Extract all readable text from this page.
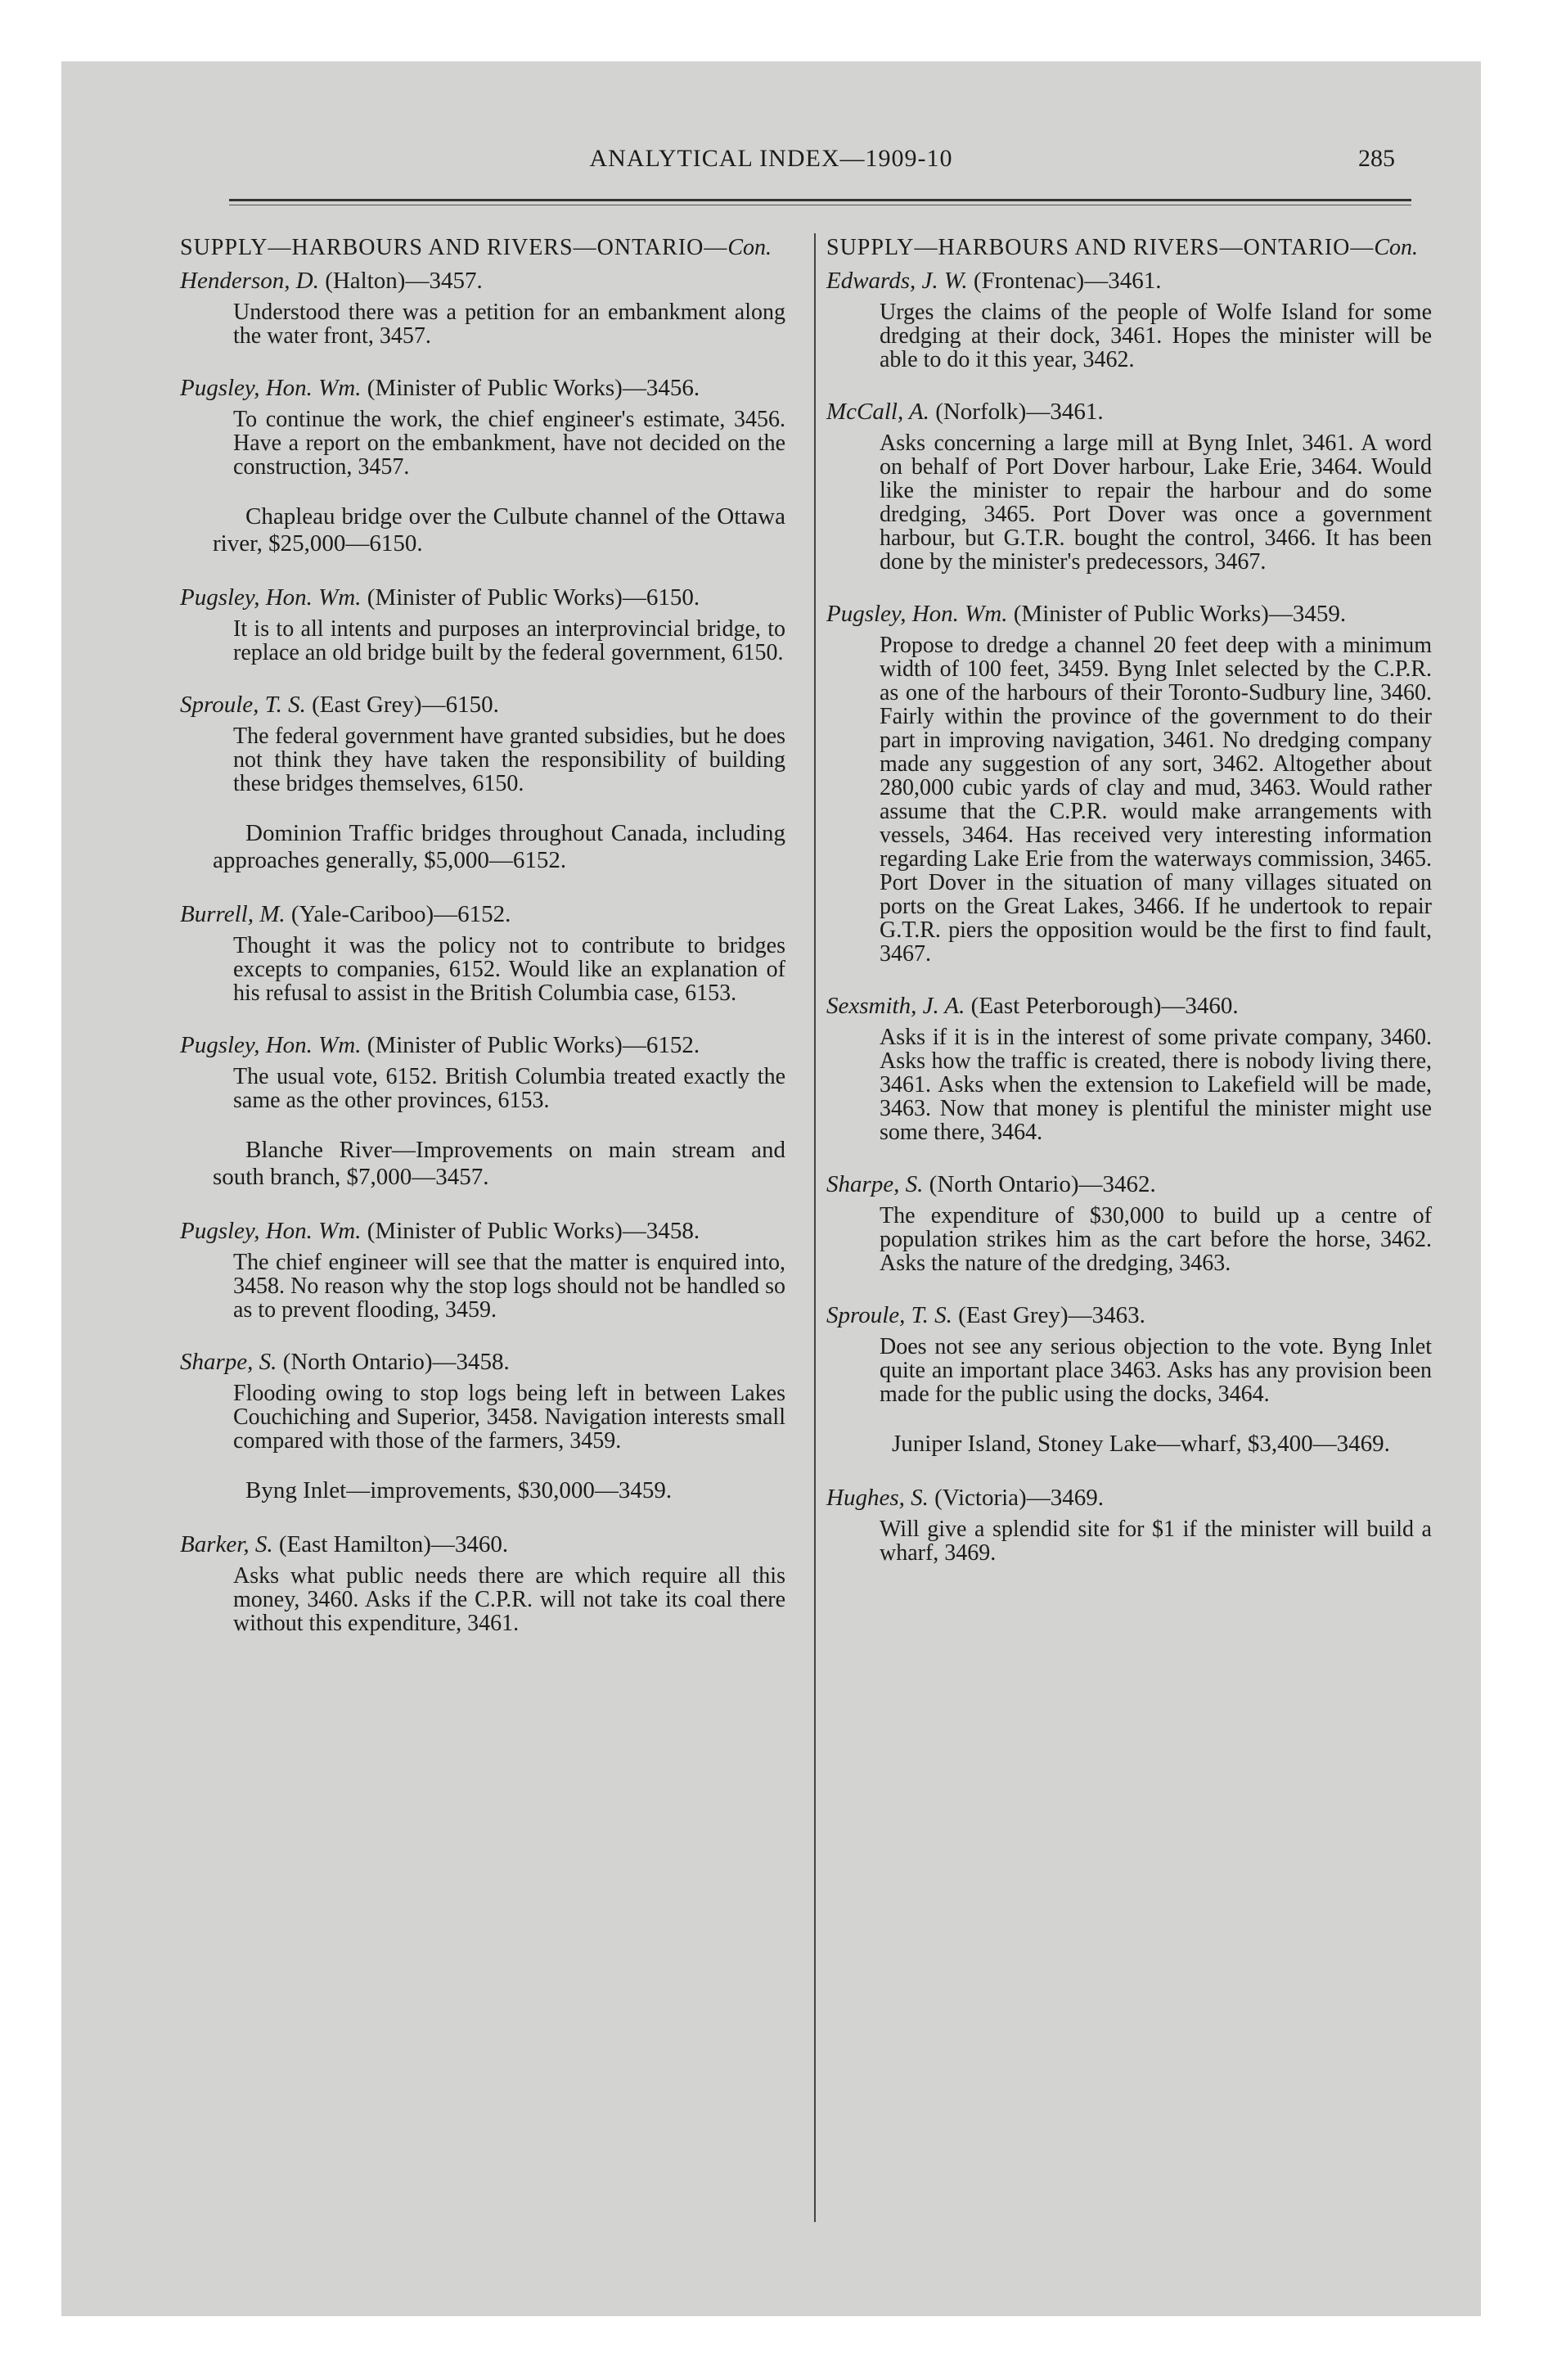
ANALYTICAL INDEX—1909-10	285
SUPPLY—HARBOURS AND RIVERS—ONTARIO—Con.

Henderson, D. (Halton)—3457.

Understood there was a petition for an embankment along the water front, 3457.

Pugsley, Hon. Wm. (Minister of Public Works)—3456.

To continue the work, the chief engineer's estimate, 3456. Have a report on the embankment, have not decided on the construction, 3457.

Chapleau bridge over the Culbute channel of the Ottawa river, $25,000—6150.

Pugsley, Hon. Wm. (Minister of Public Works)—6150.

It is to all intents and purposes an interprovincial bridge, to replace an old bridge built by the federal government, 6150.

Sproule, T. S. (East Grey)—6150.

The federal government have granted subsidies, but he does not think they have taken the responsibility of building these bridges themselves, 6150.

Dominion Traffic bridges throughout Canada, including approaches generally, $5,000—6152.

Burrell, M. (Yale-Cariboo)—6152.

Thought it was the policy not to contribute to bridges excepts to companies, 6152. Would like an explanation of his refusal to assist in the British Columbia case, 6153.

Pugsley, Hon. Wm. (Minister of Public Works)—6152.

The usual vote, 6152. British Columbia treated exactly the same as the other provinces, 6153.

Blanche River—Improvements on main stream and south branch, $7,000—3457.

Pugsley, Hon. Wm. (Minister of Public Works)—3458.

The chief engineer will see that the matter is enquired into, 3458. No reason why the stop logs should not be handled so as to prevent flooding, 3459.

Sharpe, S. (North Ontario)—3458.

Flooding owing to stop logs being left in between Lakes Couchiching and Superior, 3458. Navigation interests small compared with those of the farmers, 3459.

Byng Inlet—improvements, $30,000—3459.

Barker, S. (East Hamilton)—3460.

Asks what public needs there are which require all this money, 3460. Asks if the C.P.R. will not take its coal there without this expenditure, 3461.

SUPPLY—HARBOURS AND RIVERS—ONTARIO—Con.

Edwards, J. W. (Frontenac)—3461.

Urges the claims of the people of Wolfe Island for some dredging at their dock, 3461. Hopes the minister will be able to do it this year, 3462.

McCall, A. (Norfolk)—3461.

Asks concerning a large mill at Byng Inlet, 3461. A word on behalf of Port Dover harbour, Lake Erie, 3464. Would like the minister to repair the harbour and do some dredging, 3465. Port Dover was once a government harbour, but G.T.R. bought the control, 3466. It has been done by the minister's predecessors, 3467.

Pugsley, Hon. Wm. (Minister of Public Works)—3459.

Propose to dredge a channel 20 feet deep with a minimum width of 100 feet, 3459. Byng Inlet selected by the C.P.R. as one of the harbours of their Toronto-Sudbury line, 3460. Fairly within the province of the government to do their part in improving navigation, 3461. No dredging company made any suggestion of any sort, 3462. Altogether about 280,000 cubic yards of clay and mud, 3463. Would rather assume that the C.P.R. would make arrangements with vessels, 3464. Has received very interesting information regarding Lake Erie from the waterways commission, 3465. Port Dover in the situation of many villages situated on ports on the Great Lakes, 3466. If he undertook to repair G.T.R. piers the opposition would be the first to find fault, 3467.

Sexsmith, J. A. (East Peterborough)—3460.

Asks if it is in the interest of some private company, 3460. Asks how the traffic is created, there is nobody living there, 3461. Asks when the extension to Lakefield will be made, 3463. Now that money is plentiful the minister might use some there, 3464.

Sharpe, S. (North Ontario)—3462.

The expenditure of $30,000 to build up a centre of population strikes him as the cart before the horse, 3462. Asks the nature of the dredging, 3463.

Sproule, T. S. (East Grey)—3463.

Does not see any serious objection to the vote. Byng Inlet quite an important place 3463. Asks has any provision been made for the public using the docks, 3464.

Juniper Island, Stoney Lake—wharf, $3,400—3469.

Hughes, S. (Victoria)—3469.

Will give a splendid site for $1 if the minister will build a wharf, 3469.
